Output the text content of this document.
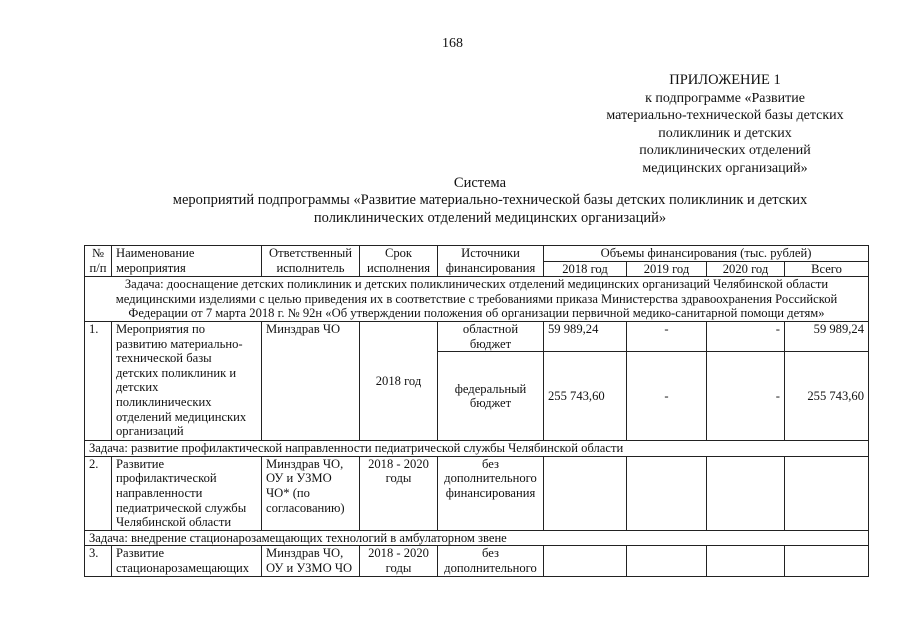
168
ПРИЛОЖЕНИЕ 1
к подпрограмме «Развитие
материально-технической базы детских
поликлиник и детских
поликлинических отделений
медицинских организаций»
Система
мероприятий подпрограммы «Развитие материально-технической базы детских поликлиник и детских поликлинических отделений медицинских организаций»
№	Наименование	Ответственный	Срок	Источники	Объемы финансирования (тыс. рублей)			
п/п	мероприятия	исполнитель	исполнения	финансирования	2018 год	2019 год	2020 год	Всего
Задача: дооснащение детских поликлиник и детских поликлинических отделений медицинских организаций Челябинской области медицинскими изделиями с целью приведения их в соответствие с требованиями приказа Министерства здравоохранения Российской Федерации от 7 марта 2018 г. № 92н «Об утверждении положения об организации первичной медико-санитарной помощи детям»								
1.	Мероприятия по развитию материально-технической базы детских поликлиник и детских поликлинических отделений медицинских организаций	Минздрав ЧО	2018 год	областной бюджет	59 989,24	-	-	59 989,24
				федеральный бюджет	255 743,60	-	-	255 743,60
Задача: развитие профилактической направленности педиатрической службы Челябинской области								
2.	Развитие профилактической направленности педиатрической службы Челябинской области	Минздрав ЧО, ОУ и УЗМО ЧО* (по согласованию)	2018 - 2020 годы	без дополнительного финансирования				
Задача: внедрение стационарозамещающих технологий в амбулаторном звене								
3.	Развитие стационарозамещающих	Минздрав ЧО, ОУ и УЗМО ЧО	2018 - 2020 годы	без дополнительного				
